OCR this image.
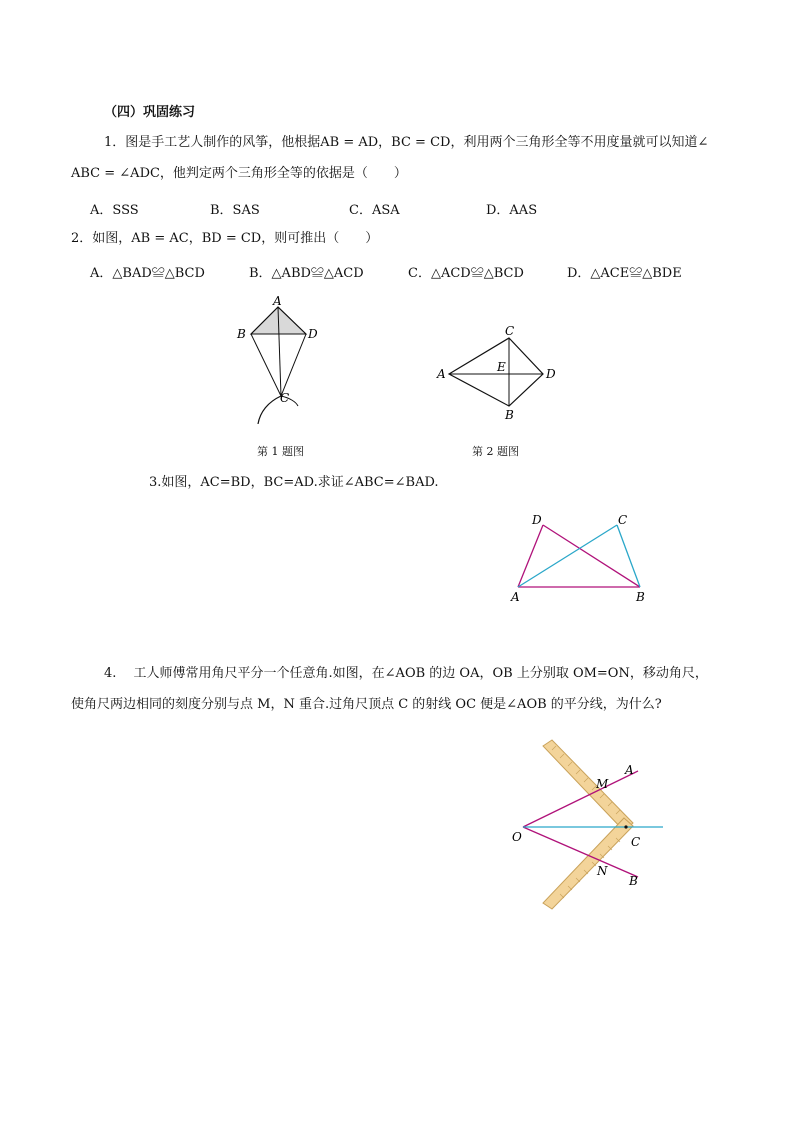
（四）巩固练习
1．图是手工艺人制作的风筝，他根据AB = AD，BC = CD，利用两个三角形全等不用度量就可以知道∠
ABC = ∠ADC，他判定两个三角形全等的依据是（　　）
A．SSS	B．SAS	C．ASA	D．AAS
2．如图，AB = AC，BD = CD，则可推出（　　）
A．△BAD≌△BCD	B．△ABD≌△ACD	C．△ACD≌△BCD	D．△ACE≌△BDE
A
B	D
C
第 1 题图
A
C
D
B
E
第 2 题图
3.如图，AC=BD，BC=AD.求证∠ABC=∠BAD.
D	C
A	B
4.　 工人师傅常用角尺平分一个任意角.如图，在∠AOB 的边 OA，OB 上分别取 OM=ON，移动角尺，
使角尺两边相同的刻度分别与点 M，N 重合.过角尺顶点 C 的射线 OC 便是∠AOB 的平分线，为什么?
O
A
M
C
N
B
